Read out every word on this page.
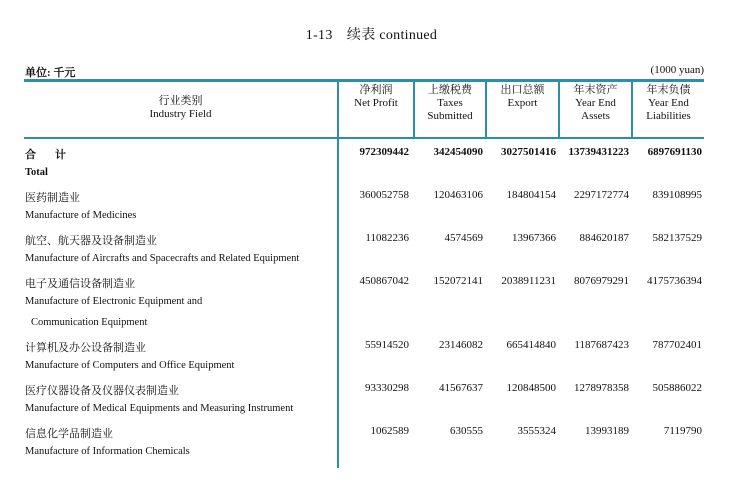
1-13　续表 continued
单位: 千元	(1000 yuan)
行业类别
Industry Field
净利润
Net Profit
上缴税费
Taxes
Submitted
出口总额
Export
年末资产
Year End
Assets
年末负债
Year End
Liabilities
合　计
Total
972309442 342454090 3027501416 13739431223 6897691130
医药制造业
Manufacture of Medicines
360052758 120463106 184804154 2297172774 839108995
航空、航天器及设备制造业
Manufacture of Aircrafts and Spacecrafts and Related Equipment
11082236	4574569	13967366 884620187 582137529
电子及通信设备制造业
Manufacture of Electronic Equipment and
Communication Equipment
450867042 152072141 2038911231 8076979291 4175736394
计算机及办公设备制造业
Manufacture of Computers and Office Equipment
55914520	23146082 665414840 1187687423 787702401
医疗仪器设备及仪器仪表制造业
Manufacture of Medical Equipments and Measuring Instrument
93330298	41567637 120848500 1278978358 505886022
信息化学品制造业
Manufacture of Information Chemicals
1062589	630555	3555324	13993189	7119790
